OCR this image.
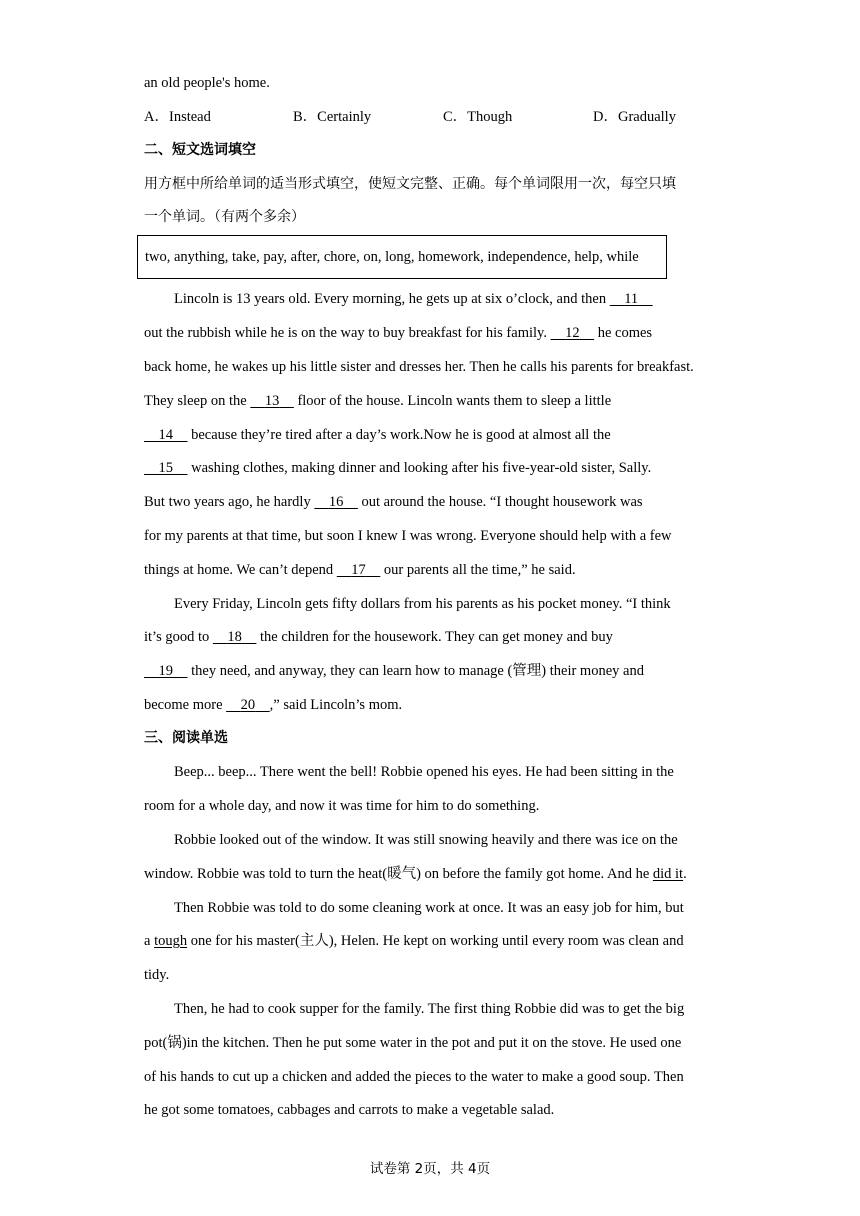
an old people's home.
A．Instead	B．Certainly	C．Though	D．Gradually
二、短文选词填空
用方框中所给单词的适当形式填空，使短文完整、正确。每个单词限用一次，每空只填
一个单词。（有两个多余）
two, anything, take, pay, after, chore, on, long, homework, independence, help, while
Lincoln is 13 years old. Every morning, he gets up at six o’clock, and then     11
out the rubbish while he is on the way to buy breakfast for his family.     12     he comes
back home, he wakes up his little sister and dresses her. Then he calls his parents for breakfast.
They sleep on the     13     floor of the house. Lincoln wants them to sleep a little
14     because they’re tired after a day’s work.Now he is good at almost all the
15     washing clothes, making dinner and looking after his five-year-old sister, Sally.
But two years ago, he hardly     16     out around the house. “I thought housework was
for my parents at that time, but soon I knew I was wrong. Everyone should help with a few
things at home. We can’t depend     17     our parents all the time,” he said.
Every Friday, Lincoln gets fifty dollars from his parents as his pocket money. “I think
it’s good to     18     the children for the housework. They can get money and buy
19     they need, and anyway, they can learn how to manage (管理) their money and
become more     20 ,” said Lincoln’s mom.
三、阅读单选
Beep... beep... There went the bell! Robbie opened his eyes. He had been sitting in the
room for a whole day, and now it was time for him to do something.
Robbie looked out of the window. It was still snowing heavily and there was ice on the
window. Robbie was told to turn the heat(暖气) on before the family got home. And he did it.
Then Robbie was told to do some cleaning work at once. It was an easy job for him, but
a tough one for his master(主人), Helen. He kept on working until every room was clean and
tidy.
Then, he had to cook supper for the family. The first thing Robbie did was to get the big
pot(锅)in the kitchen. Then he put some water in the pot and put it on the stove. He used one
of his hands to cut up a chicken and added the pieces to the water to make a good soup. Then
he got some tomatoes, cabbages and carrots to make a vegetable salad.
试卷第 2页，共 4页
